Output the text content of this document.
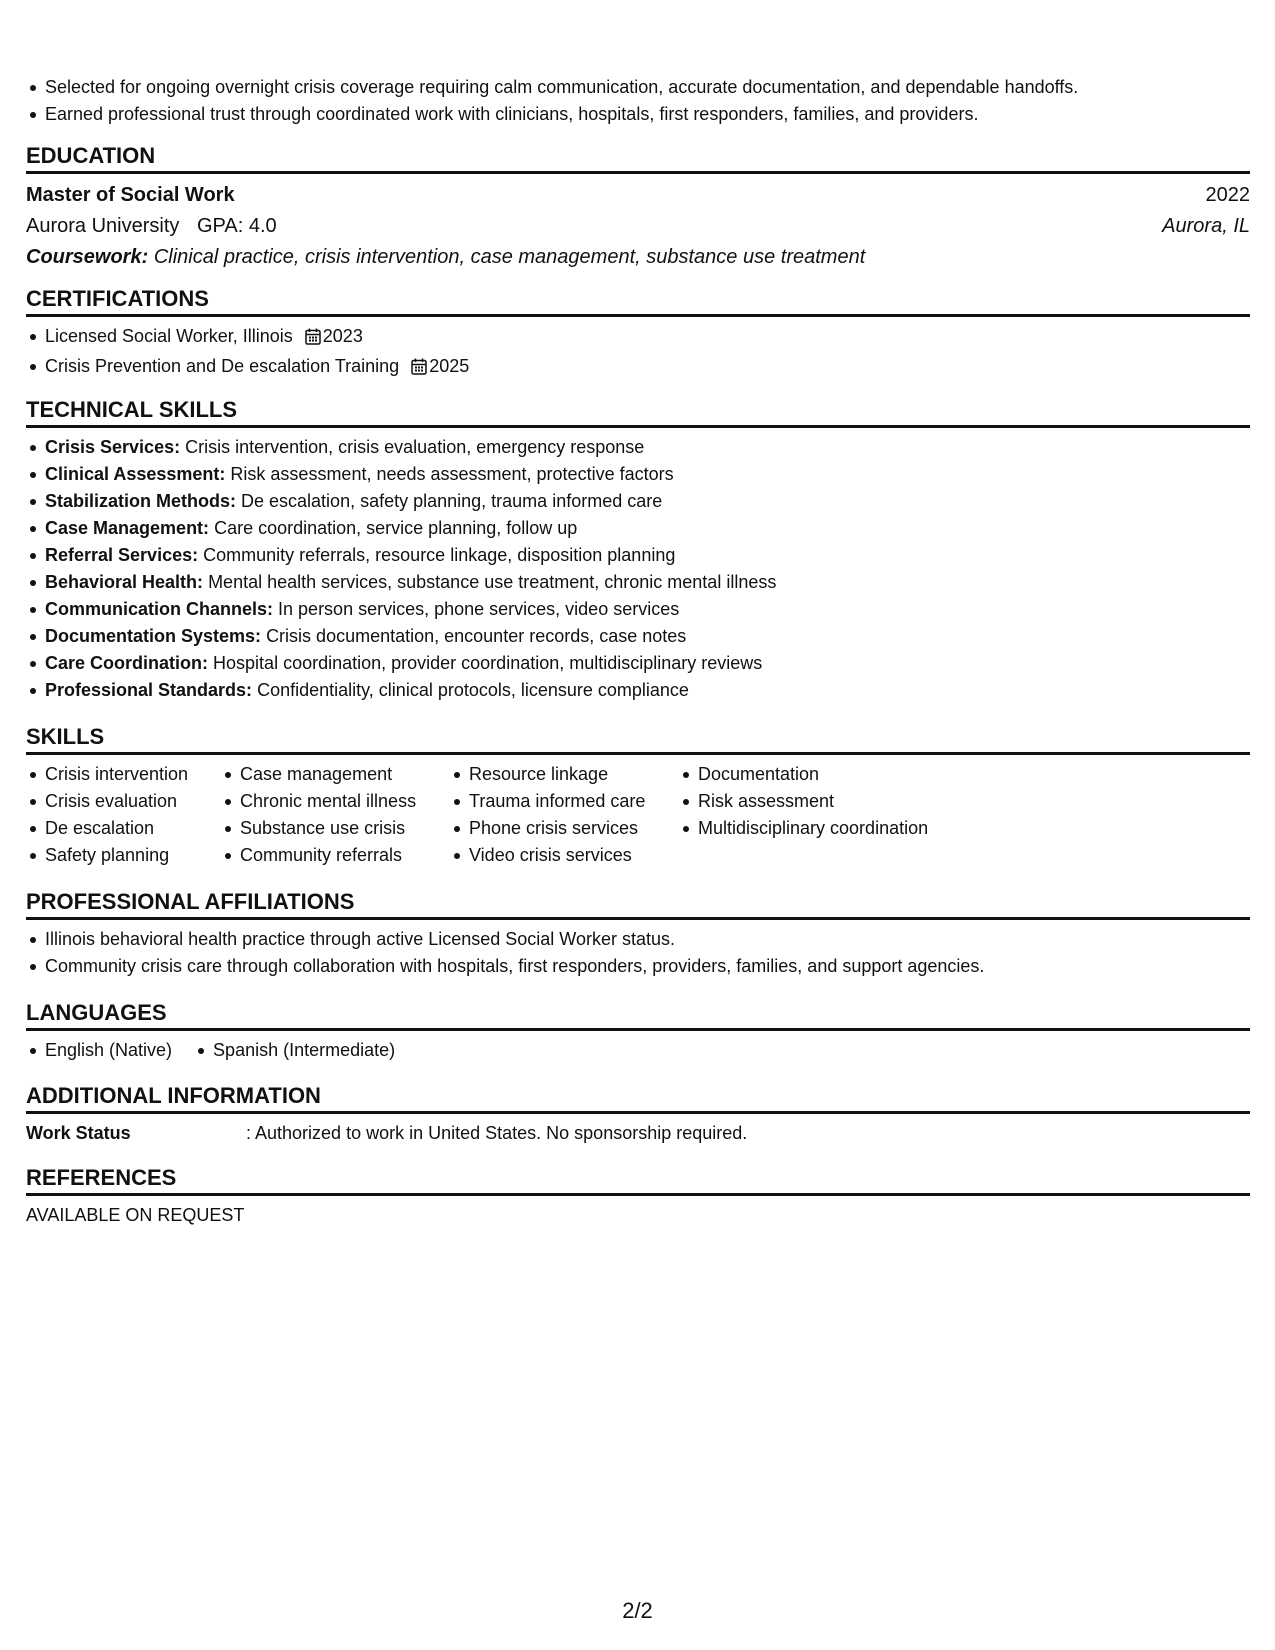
Selected for ongoing overnight crisis coverage requiring calm communication, accurate documentation, and dependable handoffs.
Earned professional trust through coordinated work with clinicians, hospitals, first responders, families, and providers.
EDUCATION
Master of Social Work	2022
Aurora University GPA: 4.0	Aurora, IL
Coursework: Clinical practice, crisis intervention, case management, substance use treatment
CERTIFICATIONS
Licensed Social Worker, Illinois 2023
Crisis Prevention and De escalation Training 2025
TECHNICAL SKILLS
Crisis Services: Crisis intervention, crisis evaluation, emergency response
Clinical Assessment: Risk assessment, needs assessment, protective factors
Stabilization Methods: De escalation, safety planning, trauma informed care
Case Management: Care coordination, service planning, follow up
Referral Services: Community referrals, resource linkage, disposition planning
Behavioral Health: Mental health services, substance use treatment, chronic mental illness
Communication Channels: In person services, phone services, video services
Documentation Systems: Crisis documentation, encounter records, case notes
Care Coordination: Hospital coordination, provider coordination, multidisciplinary reviews
Professional Standards: Confidentiality, clinical protocols, licensure compliance
SKILLS
Crisis intervention
Crisis evaluation
De escalation
Safety planning
Case management
Chronic mental illness
Substance use crisis
Community referrals
Resource linkage
Trauma informed care
Phone crisis services
Video crisis services
Documentation
Risk assessment
Multidisciplinary coordination
PROFESSIONAL AFFILIATIONS
Illinois behavioral health practice through active Licensed Social Worker status.
Community crisis care through collaboration with hospitals, first responders, providers, families, and support agencies.
LANGUAGES
English (Native)	Spanish (Intermediate)
ADDITIONAL INFORMATION
Work Status	: Authorized to work in United States. No sponsorship required.
REFERENCES
AVAILABLE ON REQUEST
2/2
